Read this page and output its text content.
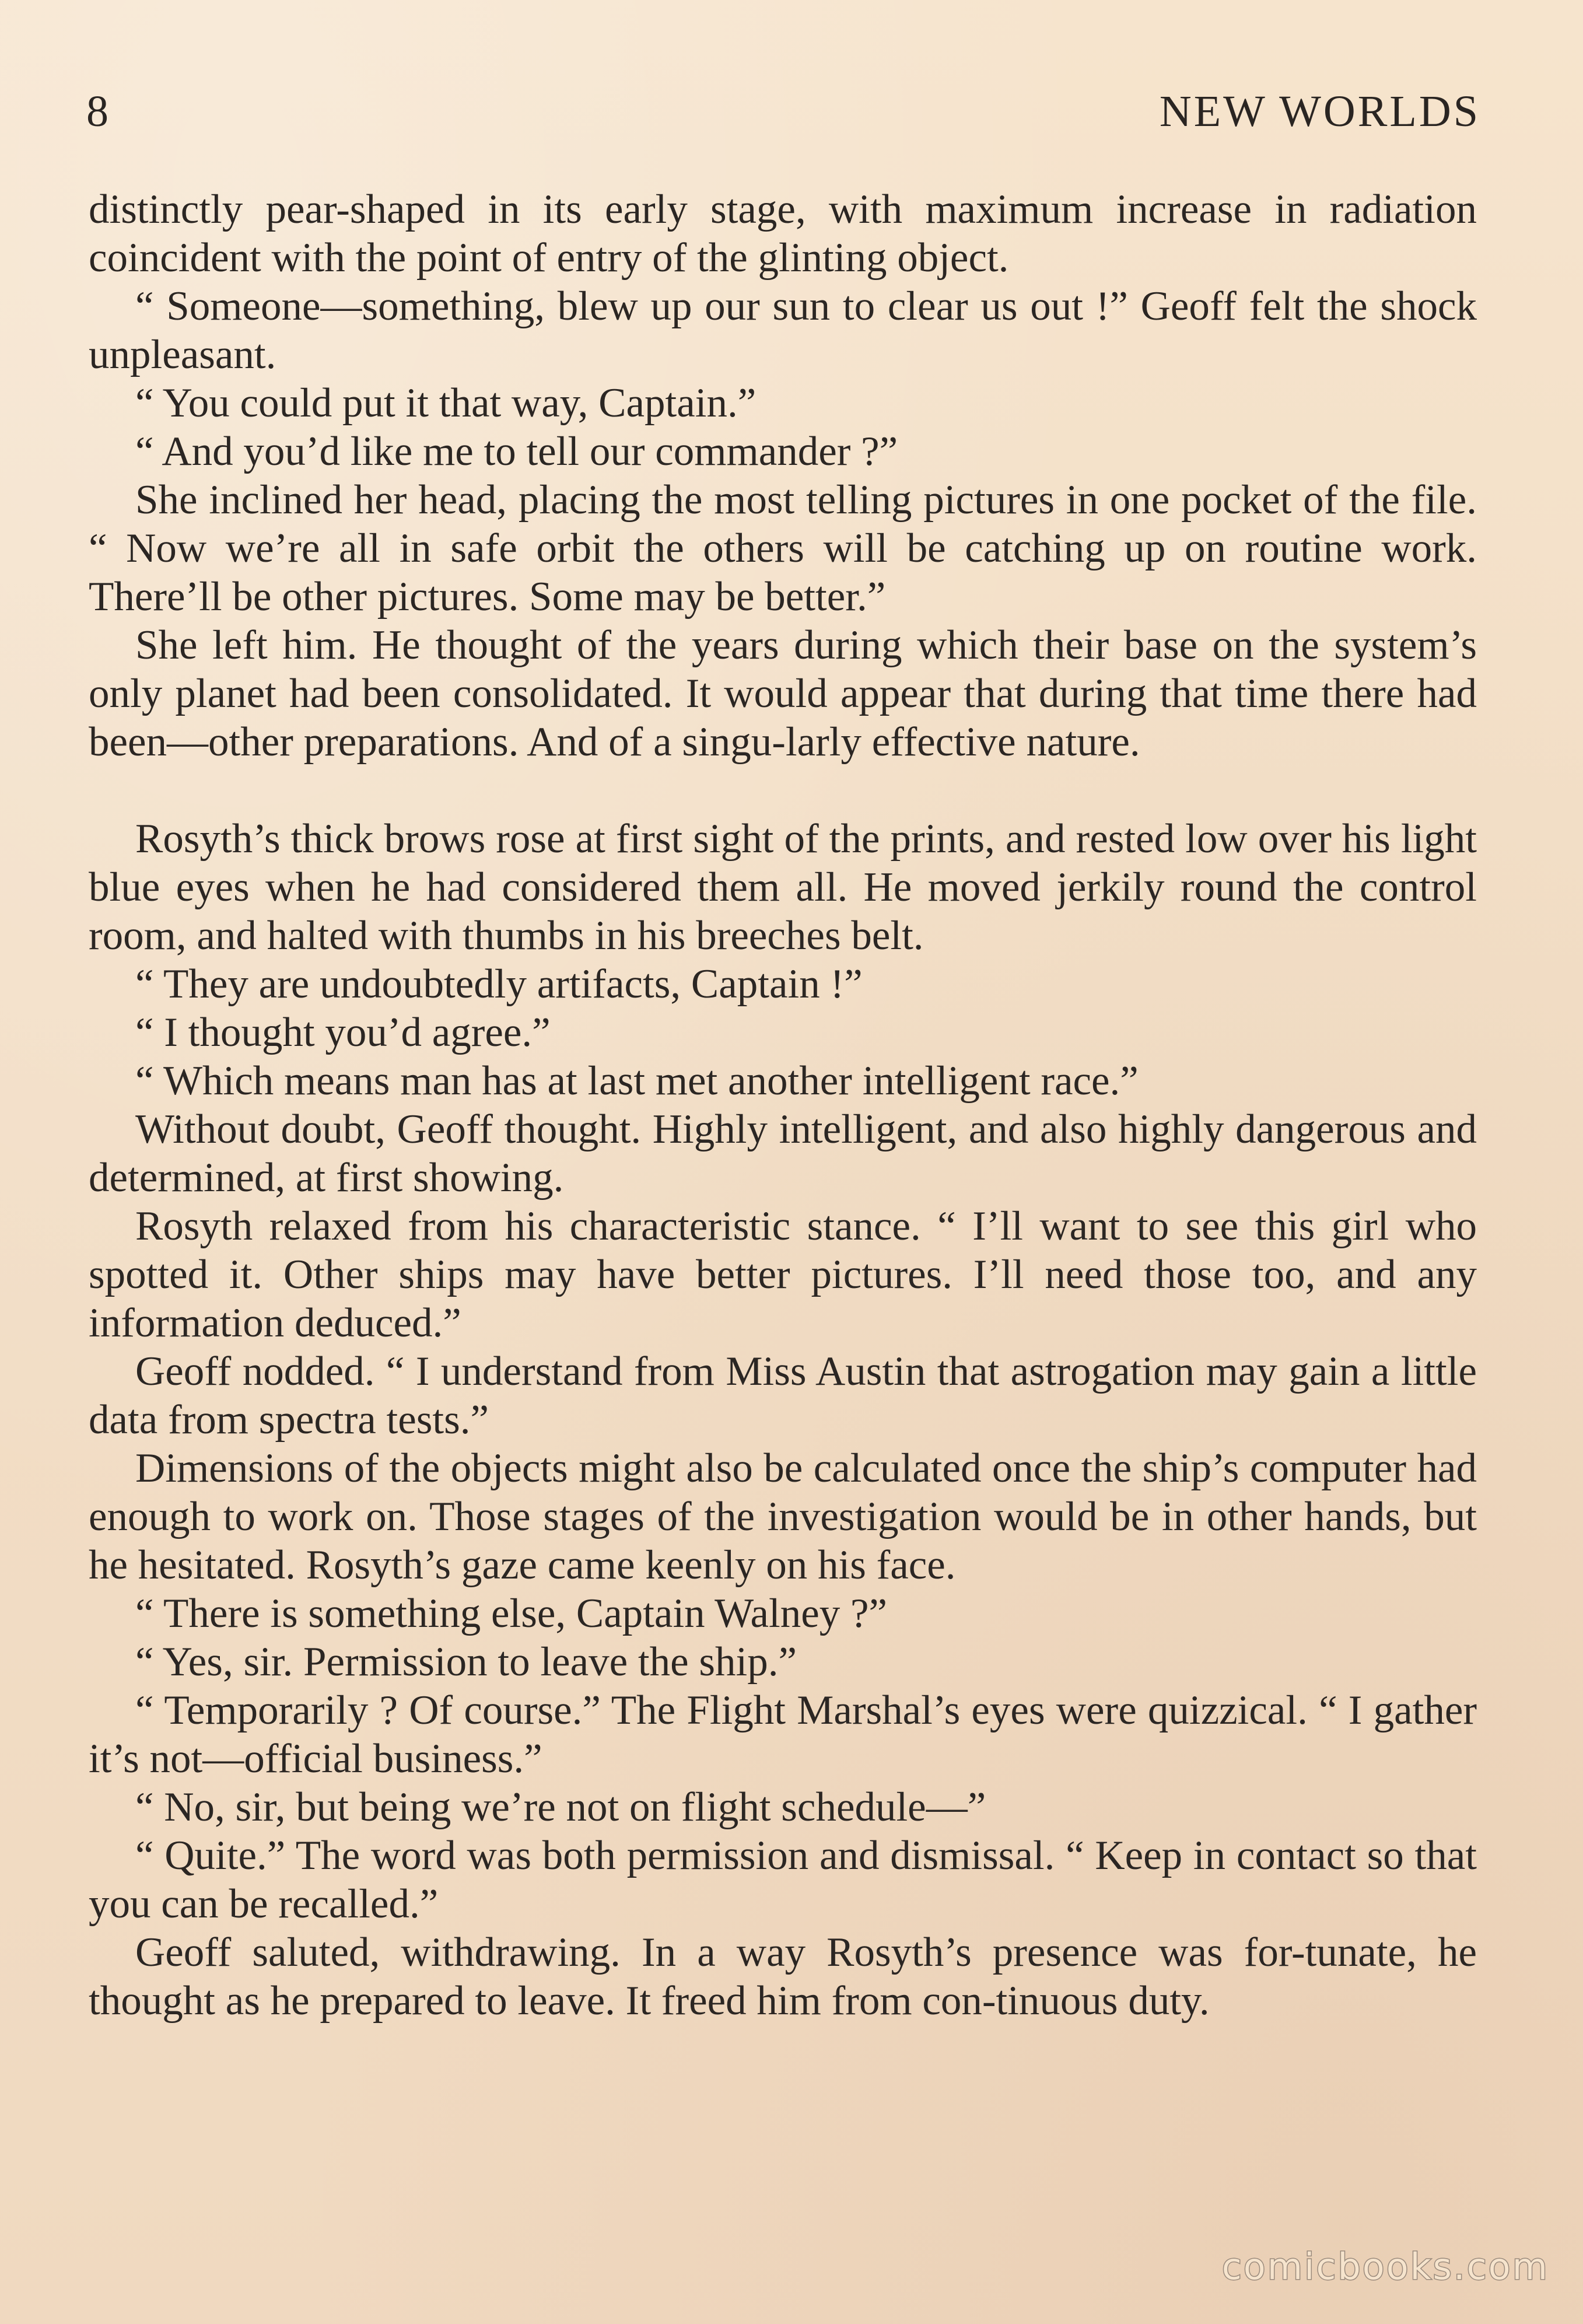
8	NEW WORLDS

distinctly pear-shaped in its early stage, with maximum increase in radiation coincident with the point of entry of the glinting object.

“ Someone—something, blew up our sun to clear us out !” Geoff felt the shock unpleasant.

“ You could put it that way, Captain.”

“ And you’d like me to tell our commander ?”

She inclined her head, placing the most telling pictures in one pocket of the file. “ Now we’re all in safe orbit the others will be catching up on routine work. There’ll be other pictures. Some may be better.”

She left him. He thought of the years during which their base on the system’s only planet had been consolidated. It would appear that during that time there had been—other preparations. And of a singu-larly effective nature.

Rosyth’s thick brows rose at first sight of the prints, and rested low over his light blue eyes when he had considered them all. He moved jerkily round the control room, and halted with thumbs in his breeches belt.

“ They are undoubtedly artifacts, Captain !”

“ I thought you’d agree.”

“ Which means man has at last met another intelligent race.”

Without doubt, Geoff thought. Highly intelligent, and also highly dangerous and determined, at first showing.

Rosyth relaxed from his characteristic stance. “ I’ll want to see this girl who spotted it. Other ships may have better pictures. I’ll need those too, and any information deduced.”

Geoff nodded. “ I understand from Miss Austin that astrogation may gain a little data from spectra tests.”

Dimensions of the objects might also be calculated once the ship’s computer had enough to work on. Those stages of the investigation would be in other hands, but he hesitated. Rosyth’s gaze came keenly on his face.

“ There is something else, Captain Walney ?”

“ Yes, sir. Permission to leave the ship.”

“ Temporarily ? Of course.” The Flight Marshal’s eyes were quizzical. “ I gather it’s not—official business.”

“ No, sir, but being we’re not on flight schedule—”

“ Quite.” The word was both permission and dismissal. “ Keep in contact so that you can be recalled.”

Geoff saluted, withdrawing. In a way Rosyth’s presence was for-tunate, he thought as he prepared to leave. It freed him from con-tinuous duty.

comicbooks.com
